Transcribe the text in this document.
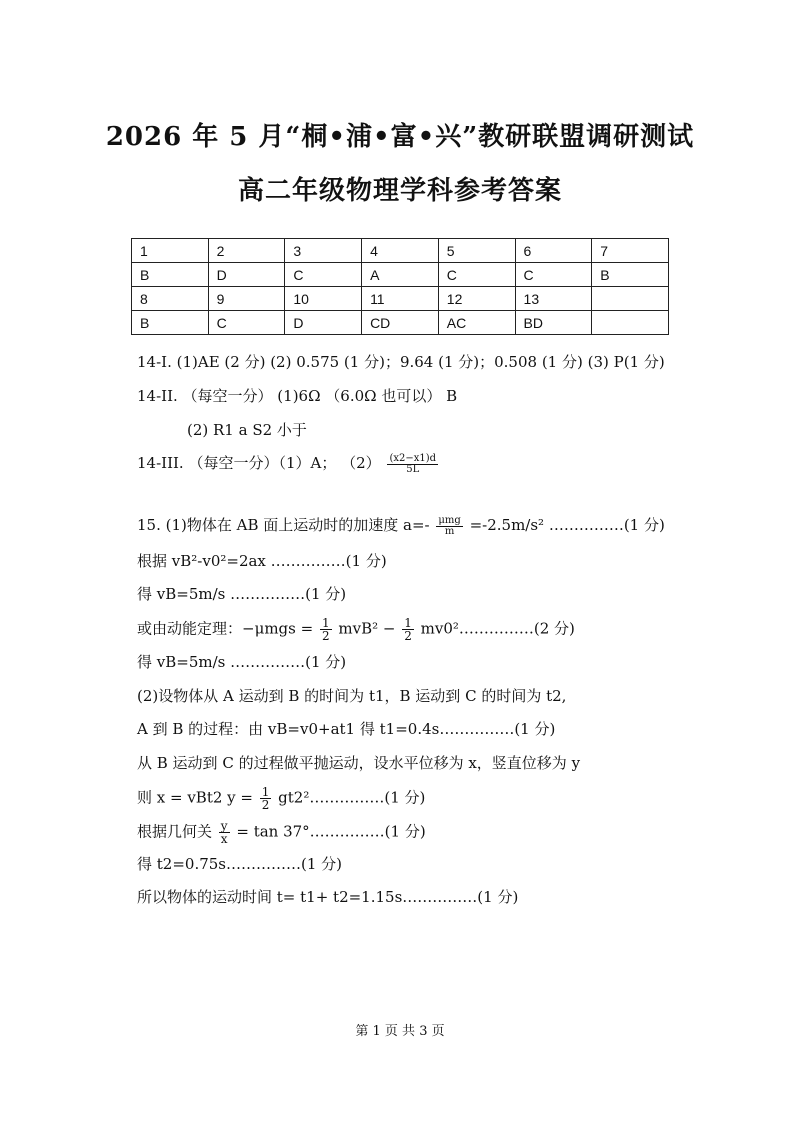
2026 年 5 月“桐•浦•富•兴”教研联盟调研测试
高二年级物理学科参考答案
1	2	3	4	5	6	7
B	D	C	A	C	C	B
8	9	10	11	12	13	
B	C	D	CD	AC	BD	
14-I. (1)AE (2 分) (2) 0.575 (1 分)；9.64 (1 分)；0.508 (1 分) (3) P(1 分)
14-II. （每空一分） (1)6Ω （6.0Ω 也可以） B
(2) R1 a S2 小于
14-III. （每空一分）（1）A； $(2) \frac{(x2-x1)d}{5L}$
15. (1)物体在 AB 面上运动时的加速度 $a=- \frac{\text{μmg}}{m} =-2.5m/s^2$ ……………(1 分)
根据 vB²-v0²=2ax ……………(1 分)
得 vB=5m/s ……………(1 分)
或由动能定理：$-\mu mgs = \frac{1}{2} mvB^2 - \frac{1}{2}$ mv0²……………(2 分)
得 vB=5m/s ……………(1 分)
(2)设物体从 A 运动到 B 的时间为 t1，B 运动到 C 的时间为 t2,
A 到 B 的过程：由 vB=v0+at1 得 t1=0.4s……………(1 分)
从 B 运动到 C 的过程做平抛运动，设水平位移为 x，竖直位移为 y
则 x = vBt2 $y = \frac{1}{2}$ gt2²……………(1 分)
根据几何关 $\frac{y}{x} = \tan$ 37°……………(1 分)
得 t2=0.75s……………(1 分)
所以物体的运动时间 t= t1+ t2=1.15s……………(1 分)
第 1 页 共 3 页
